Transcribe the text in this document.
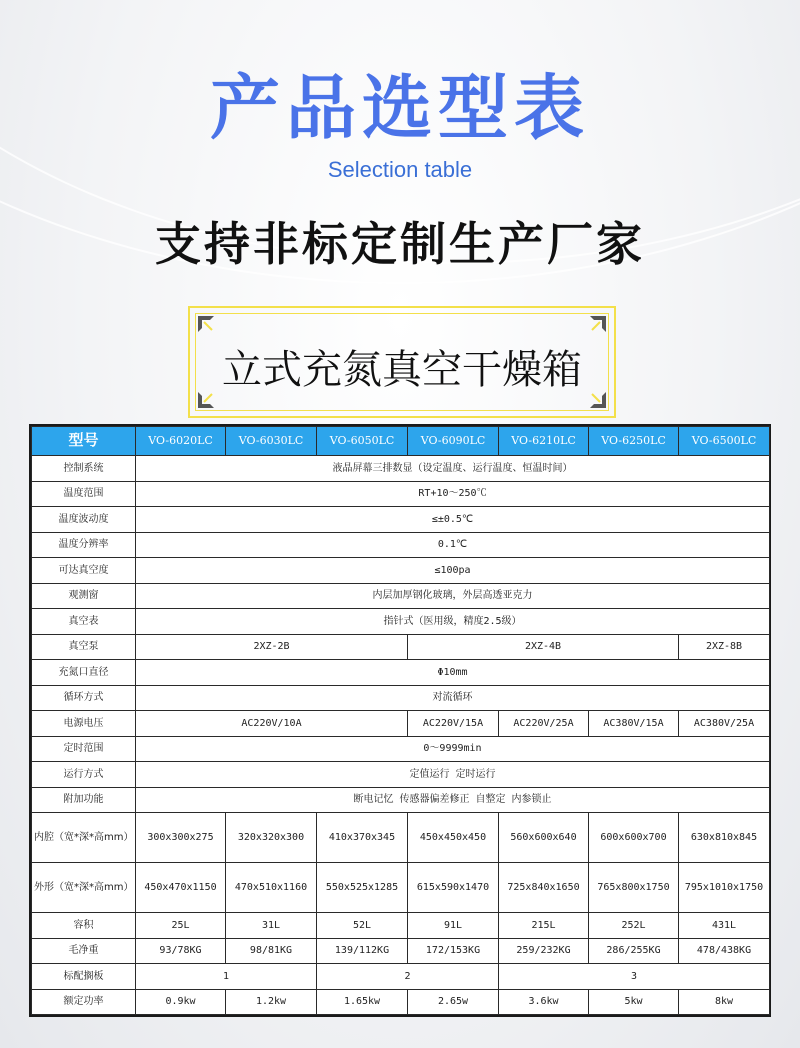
产品选型表
Selection table
支持非标定制生产厂家
立式充氮真空干燥箱
型号	VO-6020LC	VO-6030LC	VO-6050LC	VO-6090LC	VO-6210LC	VO-6250LC	VO-6500LC
控制系统	液晶屏幕三排数显（设定温度、运行温度、恒温时间）						
温度范围	RT+10～250℃						
温度波动度	≤±0.5℃						
温度分辨率	0.1℃						
可达真空度	≤100pa						
观测窗	内层加厚钢化玻璃，外层高透亚克力						
真空表	指针式（医用级，精度2.5级）						
真空泵	2XZ-2B			2XZ-4B			2XZ-8B
充氮口直径	Φ10mm						
循环方式	对流循环						
电源电压	AC220V/10A			AC220V/15A	AC220V/25A	AC380V/15A	AC380V/25A
定时范围	0～9999min						
运行方式	定值运行 定时运行						
附加功能	断电记忆 传感器偏差修正 自整定 内参锁止						
内腔（宽*深*高mm）	300x300x275	320x320x300	410x370x345	450x450x450	560x600x640	600x600x700	630x810x845
外形（宽*深*高mm）	450x470x1150	470x510x1160	550x525x1285	615x590x1470	725x840x1650	765x800x1750	795x1010x1750
容积	25L	31L	52L	91L	215L	252L	431L
毛净重	93/78KG	98/81KG	139/112KG	172/153KG	259/232KG	286/255KG	478/438KG
标配搁板	1		2		3		
额定功率	0.9kw	1.2kw	1.65kw	2.65w	3.6kw	5kw	8kw
